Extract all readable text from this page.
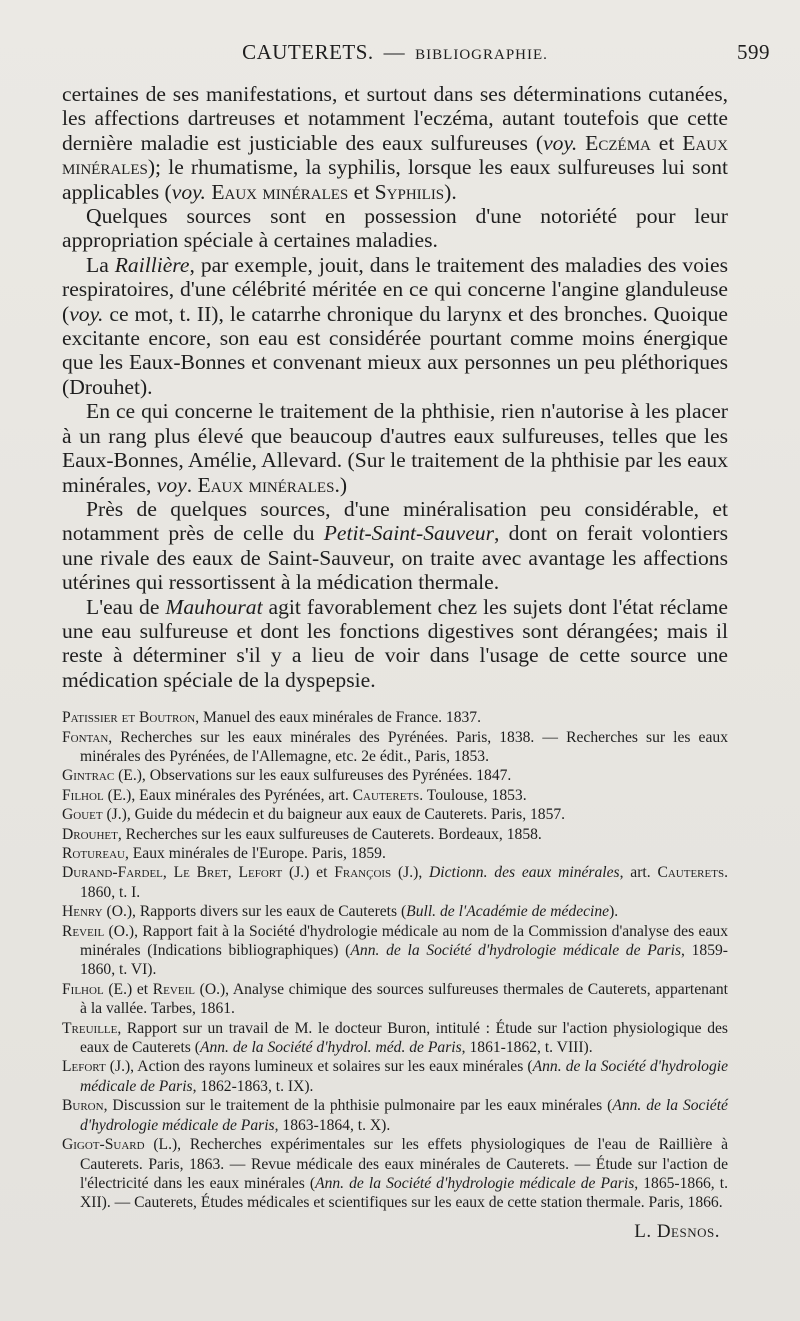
CAUTERETS. — BIBLIOGRAPHIE.	599

certaines de ses manifestations, et surtout dans ses déterminations cutanées, les affections dartreuses et notamment l'eczéma, autant toutefois que cette dernière maladie est justiciable des eaux sulfureuses (voy. Eczéma et Eaux minérales); le rhumatisme, la syphilis, lorsque les eaux sulfureuses lui sont applicables (voy. Eaux minérales et Syphilis).

Quelques sources sont en possession d'une notoriété pour leur appropriation spéciale à certaines maladies.

La Raillière, par exemple, jouit, dans le traitement des maladies des voies respiratoires, d'une célébrité méritée en ce qui concerne l'angine glanduleuse (voy. ce mot, t. II), le catarrhe chronique du larynx et des bronches. Quoique excitante encore, son eau est considérée pourtant comme moins énergique que les Eaux-Bonnes et convenant mieux aux personnes un peu pléthoriques (Drouhet).

En ce qui concerne le traitement de la phthisie, rien n'autorise à les placer à un rang plus élevé que beaucoup d'autres eaux sulfureuses, telles que les Eaux-Bonnes, Amélie, Allevard. (Sur le traitement de la phthisie par les eaux minérales, voy. Eaux minérales.)

Près de quelques sources, d'une minéralisation peu considérable, et notamment près de celle du Petit-Saint-Sauveur, dont on ferait volontiers une rivale des eaux de Saint-Sauveur, on traite avec avantage les affections utérines qui ressortissent à la médication thermale.

L'eau de Mauhourat agit favorablement chez les sujets dont l'état réclame une eau sulfureuse et dont les fonctions digestives sont dérangées; mais il reste à déterminer s'il y a lieu de voir dans l'usage de cette source une médication spéciale de la dyspepsie.

Patissier et Boutron, Manuel des eaux minérales de France. 1837.

Fontan, Recherches sur les eaux minérales des Pyrénées. Paris, 1838. — Recherches sur les eaux minérales des Pyrénées, de l'Allemagne, etc. 2e édit., Paris, 1853.

Gintrac (E.), Observations sur les eaux sulfureuses des Pyrénées. 1847.

Filhol (E.), Eaux minérales des Pyrénées, art. Cauterets. Toulouse, 1853.

Gouet (J.), Guide du médecin et du baigneur aux eaux de Cauterets. Paris, 1857.

Drouhet, Recherches sur les eaux sulfureuses de Cauterets. Bordeaux, 1858.

Rotureau, Eaux minérales de l'Europe. Paris, 1859.

Durand-Fardel, Le Bret, Lefort (J.) et François (J.), Dictionn. des eaux minérales, art. Cauterets. 1860, t. I.

Henry (O.), Rapports divers sur les eaux de Cauterets (Bull. de l'Académie de médecine).

Reveil (O.), Rapport fait à la Société d'hydrologie médicale au nom de la Commission d'analyse des eaux minérales (Indications bibliographiques) (Ann. de la Société d'hydrologie médicale de Paris, 1859-1860, t. VI).

Filhol (E.) et Reveil (O.), Analyse chimique des sources sulfureuses thermales de Cauterets, appartenant à la vallée. Tarbes, 1861.

Treuille, Rapport sur un travail de M. le docteur Buron, intitulé : Étude sur l'action physiologique des eaux de Cauterets (Ann. de la Société d'hydrol. méd. de Paris, 1861-1862, t. VIII).

Lefort (J.), Action des rayons lumineux et solaires sur les eaux minérales (Ann. de la Société d'hydrologie médicale de Paris, 1862-1863, t. IX).

Buron, Discussion sur le traitement de la phthisie pulmonaire par les eaux minérales (Ann. de la Société d'hydrologie médicale de Paris, 1863-1864, t. X).

Gigot-Suard (L.), Recherches expérimentales sur les effets physiologiques de l'eau de Raillière à Cauterets. Paris, 1863. — Revue médicale des eaux minérales de Cauterets. — Étude sur l'action de l'électricité dans les eaux minérales (Ann. de la Société d'hydrologie médicale de Paris, 1865-1866, t. XII). — Cauterets, Études médicales et scientifiques sur les eaux de cette station thermale. Paris, 1866.

L. Desnos.
